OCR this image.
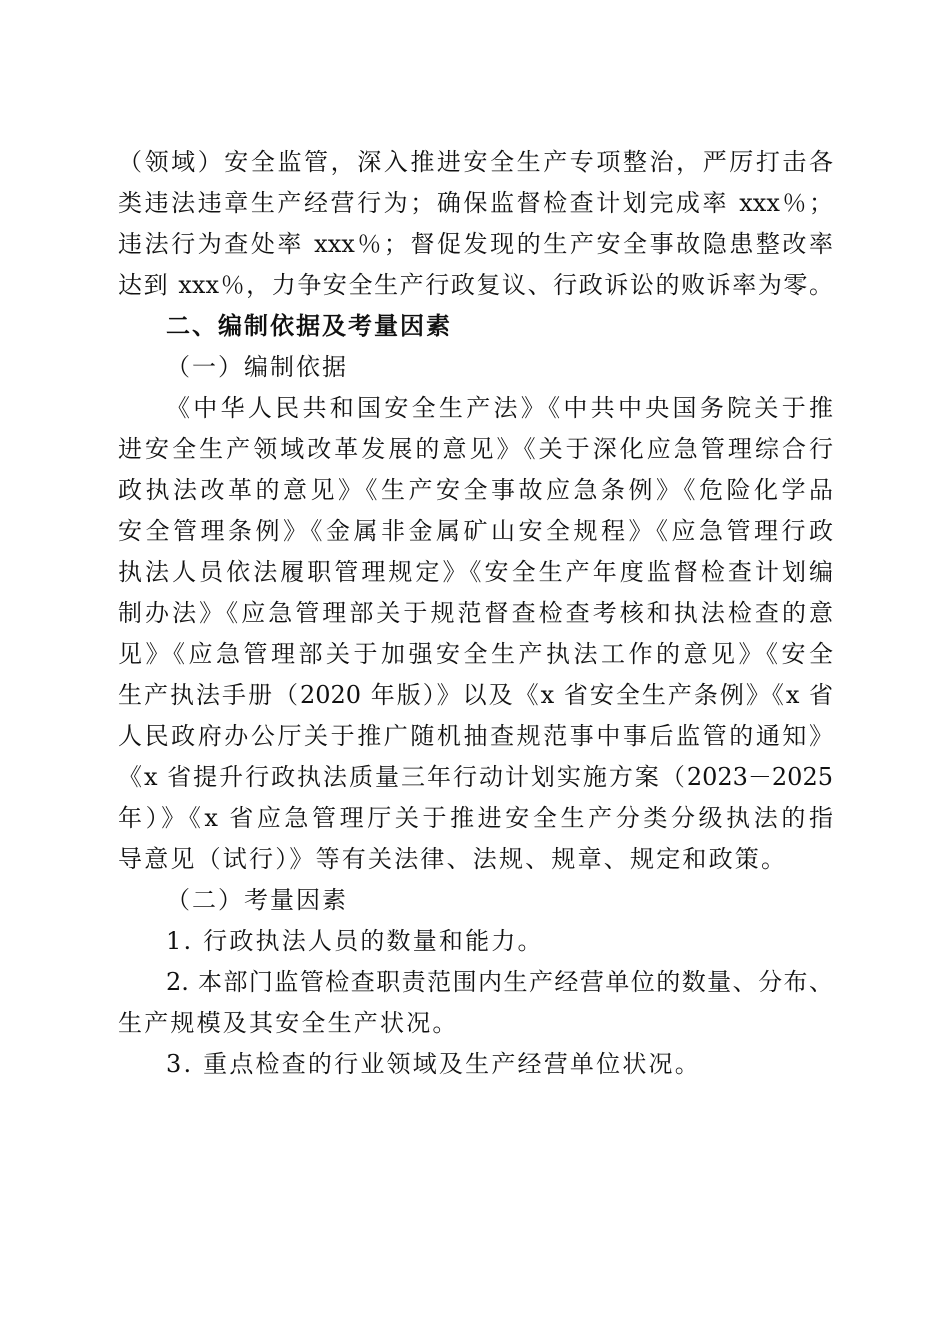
（领域）安全监管，深入推进安全生产专项整治，严厉打击各
类违法违章生产经营行为；确保监督检查计划完成率 xxx％；
违法行为查处率 xxx％；督促发现的生产安全事故隐患整改率
达到 xxx％，力争安全生产行政复议、行政诉讼的败诉率为零。
二、编制依据及考量因素
（一）编制依据
《中华人民共和国安全生产法》《中共中央国务院关于推
进安全生产领域改革发展的意见》《关于深化应急管理综合行
政执法改革的意见》《生产安全事故应急条例》《危险化学品
安全管理条例》《金属非金属矿山安全规程》《应急管理行政
执法人员依法履职管理规定》《安全生产年度监督检查计划编
制办法》《应急管理部关于规范督查检查考核和执法检查的意
见》《应急管理部关于加强安全生产执法工作的意见》《安全
生产执法手册（2020 年版）》以及《x 省安全生产条例》《x 省
人民政府办公厅关于推广随机抽查规范事中事后监管的通知》
《x 省提升行政执法质量三年行动计划实施方案（2023－2025
年）》《x 省应急管理厅关于推进安全生产分类分级执法的指
导意见（试行）》等有关法律、法规、规章、规定和政策。
（二）考量因素
1. 行政执法人员的数量和能力。
2. 本部门监管检查职责范围内生产经营单位的数量、分布、
生产规模及其安全生产状况。
3. 重点检查的行业领域及生产经营单位状况。
